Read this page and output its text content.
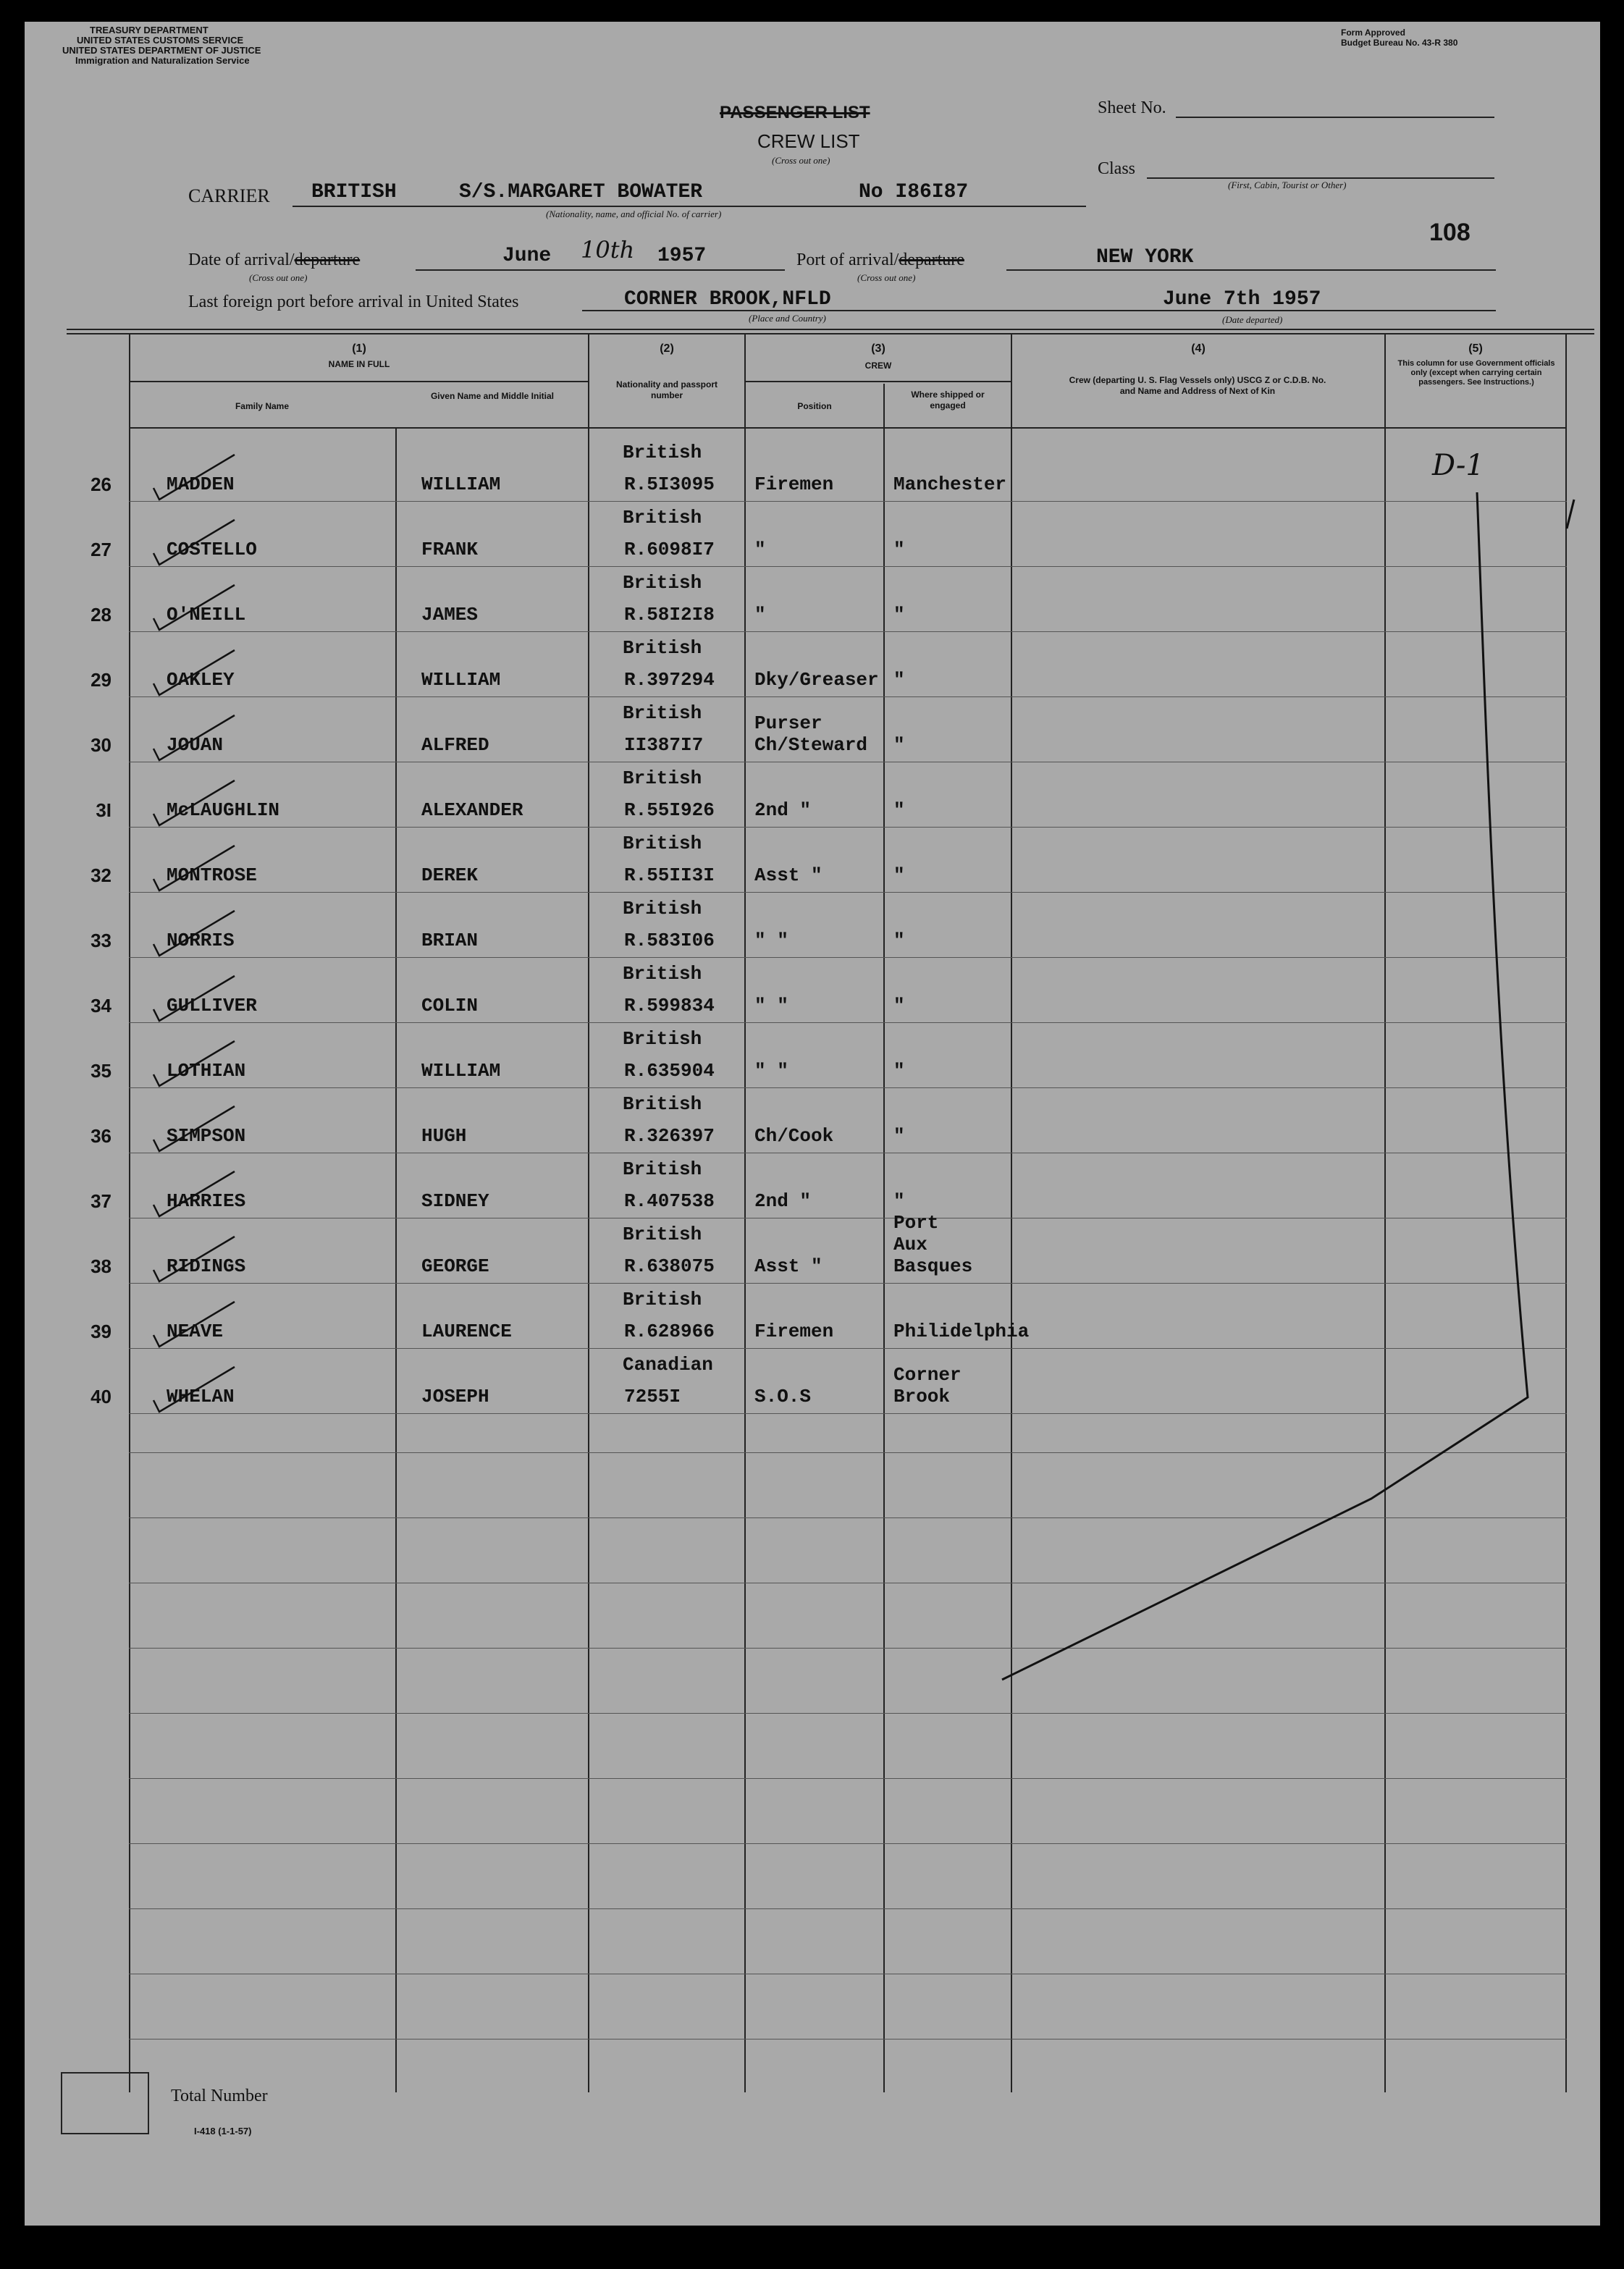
TREASURY DEPARTMENT
UNITED STATES CUSTOMS SERVICE
UNITED STATES DEPARTMENT OF JUSTICE
Immigration and Naturalization Service
Form Approved
Budget Bureau No. 43-R 380
PASSENGER LIST
CREW LIST
(Cross out one)
Sheet No.
Class
(First, Cabin, Tourist or Other)
108
CARRIER BRITISH	S/S.MARGARET BOWATER	No I86I87
(Nationality, name, and official No. of carrier)
Date of arrival/departure
(Cross out one)
June 10th 1957	Port of arrival/departure
(Cross out one)
NEW YORK
Last foreign port before arrival in United States	CORNER BROOK,NFLD
(Place and Country)
June 7th 1957
(Date departed)
(1)
NAME IN FULL
Family Name
Given Name and Middle Initial
(2)
Nationality and passport number
(3)
CREW
Position
Where shipped or engaged
(4)
Crew (departing U. S. Flag Vessels only) USCG Z or C.D.B. No. and Name and Address of Next of Kin
(5)
This column for use Government officials only (except when carrying certain passengers. See Instructions.)
26
British
MADDEN	WILLIAM	R.5I3095 Firemen	Manchester
27
British
COSTELLO	FRANK	R.6098I7 "	"
28
British
O'NEILL	JAMES	R.58I2I8 "	"
29
British
OAKLEY	WILLIAM	R.397294 Dky/Greaser "
30
British
JOUAN	ALFRED	II387I7
Purser
Ch/Steward "
3I
British
McLAUGHLIN	ALEXANDER	R.55I926 2nd "	"
32
British
MONTROSE	DEREK	R.55II3I Asst "	"
33
British
NORRIS	BRIAN	R.583I06 " "	"
34
British
GULLIVER	COLIN	R.599834 " "	"
35
British
LOTHIAN	WILLIAM	R.635904 " "	"
36
British
SIMPSON	HUGH	R.326397 Ch/Cook	"
37
British
HARRIES	SIDNEY	R.407538 2nd "	"
38
British
RIDINGS	GEORGE	R.638075 Asst "
Port
Aux
Basques
39
British
NEAVE	LAURENCE	R.628966 Firemen	Philidelphia
40
Canadian
WHELAN	JOSEPH	7255I	S.O.S
Corner
Brook
D-1
Total Number
I-418 (1-1-57)
